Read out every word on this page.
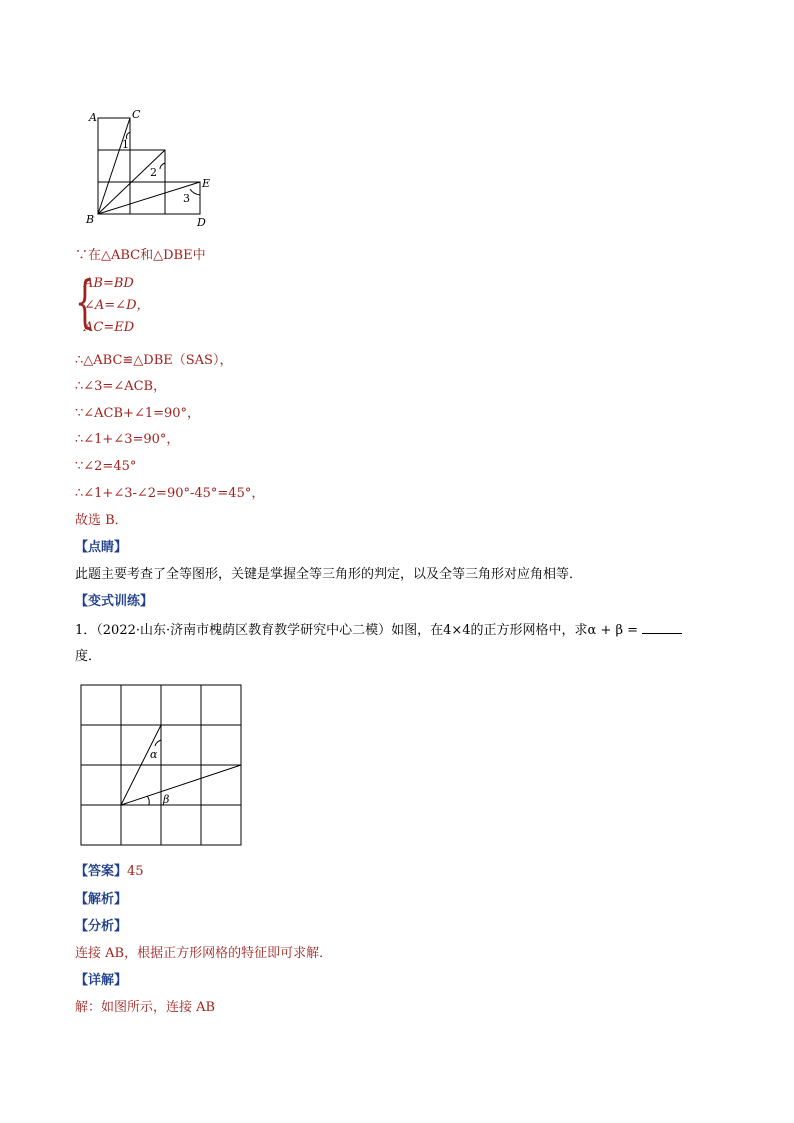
A	C
B
E
D
1
2
3
∵在△ABC和△DBE中
{
AB=BD
∠A=∠D，
AC=ED
∴△ABC≌△DBE（SAS），
∴∠3=∠ACB，
∵∠ACB+∠1=90°，
∴∠1+∠3=90°，
∵∠2=45°
∴∠1+∠3-∠2=90°-45°=45°，
故选 B．
【点睛】
此题主要考查了全等图形，关键是掌握全等三角形的判定，以及全等三角形对应角相等．
【变式训练】
1．（2022·山东·济南市槐荫区教育教学研究中心二模）如图，在4×4的正方形网格中，求α + β =
度．
α
β
【答案】45
【解析】
【分析】
连接 AB，根据正方形网格的特征即可求解．
【详解】
解：如图所示，连接 AB
